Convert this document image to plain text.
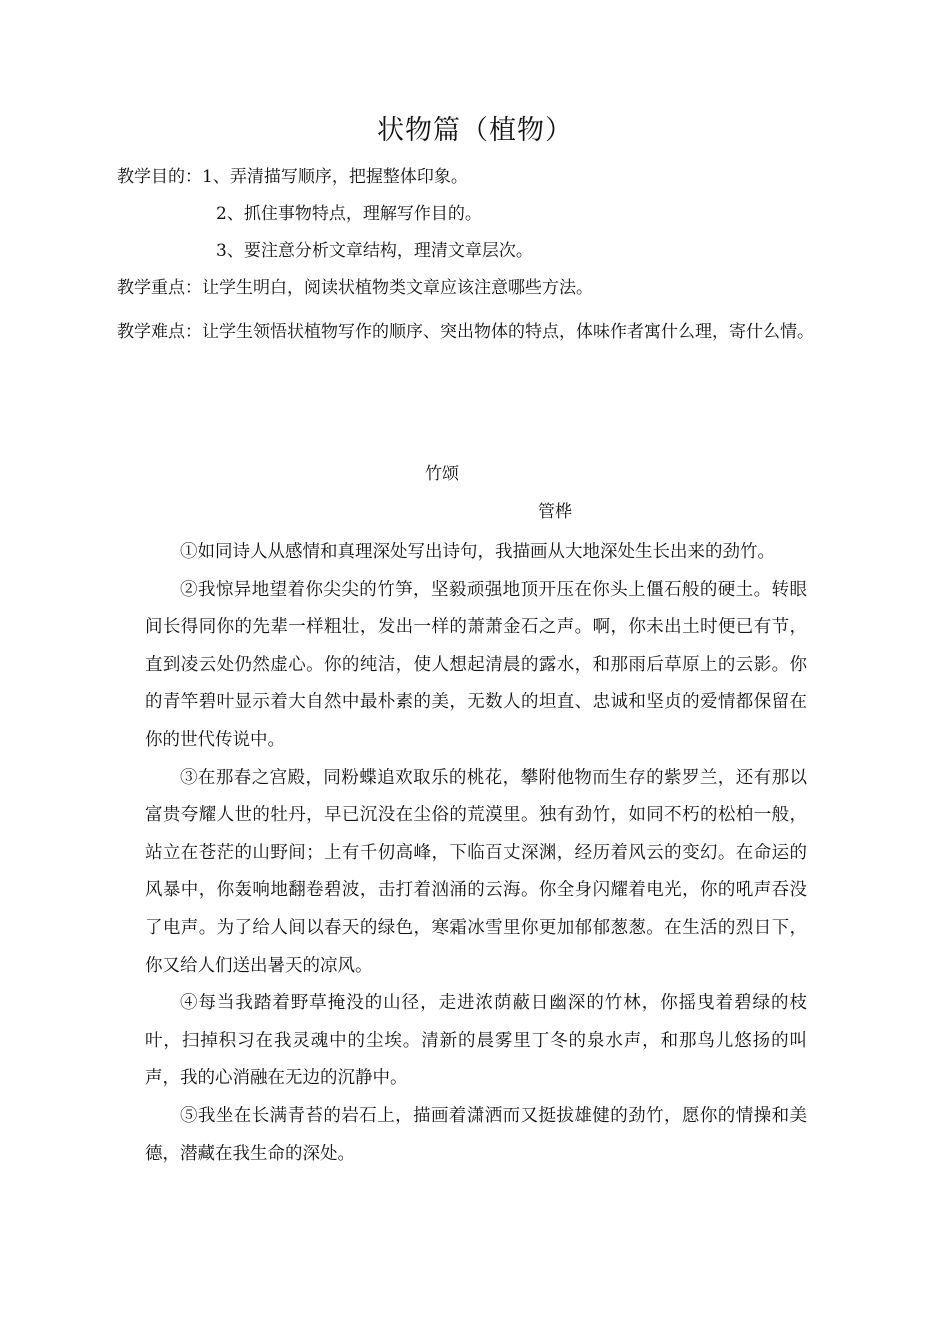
状物篇（植物）
教学目的：1、弄清描写顺序，把握整体印象。
2、抓住事物特点，理解写作目的。
3、要注意分析文章结构，理清文章层次。
教学重点：让学生明白，阅读状植物类文章应该注意哪些方法。
教学难点：让学生领悟状植物写作的顺序、突出物体的特点，体味作者寓什么理，寄什么情。
竹颂
管桦

①如同诗人从感情和真理深处写出诗句，我描画从大地深处生长出来的劲竹。

②我惊异地望着你尖尖的竹笋，坚毅顽强地顶开压在你头上僵石般的硬土。转眼间长得同你的先辈一样粗壮，发出一样的萧萧金石之声。啊，你未出土时便已有节，直到凌云处仍然虚心。你的纯洁，使人想起清晨的露水，和那雨后草原上的云影。你的青竿碧叶显示着大自然中最朴素的美，无数人的坦直、忠诚和坚贞的爱情都保留在你的世代传说中。

③在那春之宫殿，同粉蝶追欢取乐的桃花，攀附他物而生存的紫罗兰，还有那以富贵夸耀人世的牡丹，早已沉没在尘俗的荒漠里。独有劲竹，如同不朽的松柏一般，站立在苍茫的山野间；上有千仞高峰，下临百丈深渊，经历着风云的变幻。在命运的风暴中，你轰响地翻卷碧波，击打着汹涌的云海。你全身闪耀着电光，你的吼声吞没了电声。为了给人间以春天的绿色，寒霜冰雪里你更加郁郁葱葱。在生活的烈日下，你又给人们送出暑天的凉风。

④每当我踏着野草掩没的山径，走进浓荫蔽日幽深的竹林，你摇曳着碧绿的枝叶，扫掉积习在我灵魂中的尘埃。清新的晨雾里丁冬的泉水声，和那鸟儿悠扬的叫声，我的心消融在无边的沉静中。

⑤我坐在长满青苔的岩石上，描画着潇洒而又挺拔雄健的劲竹，愿你的情操和美德，潜藏在我生命的深处。
